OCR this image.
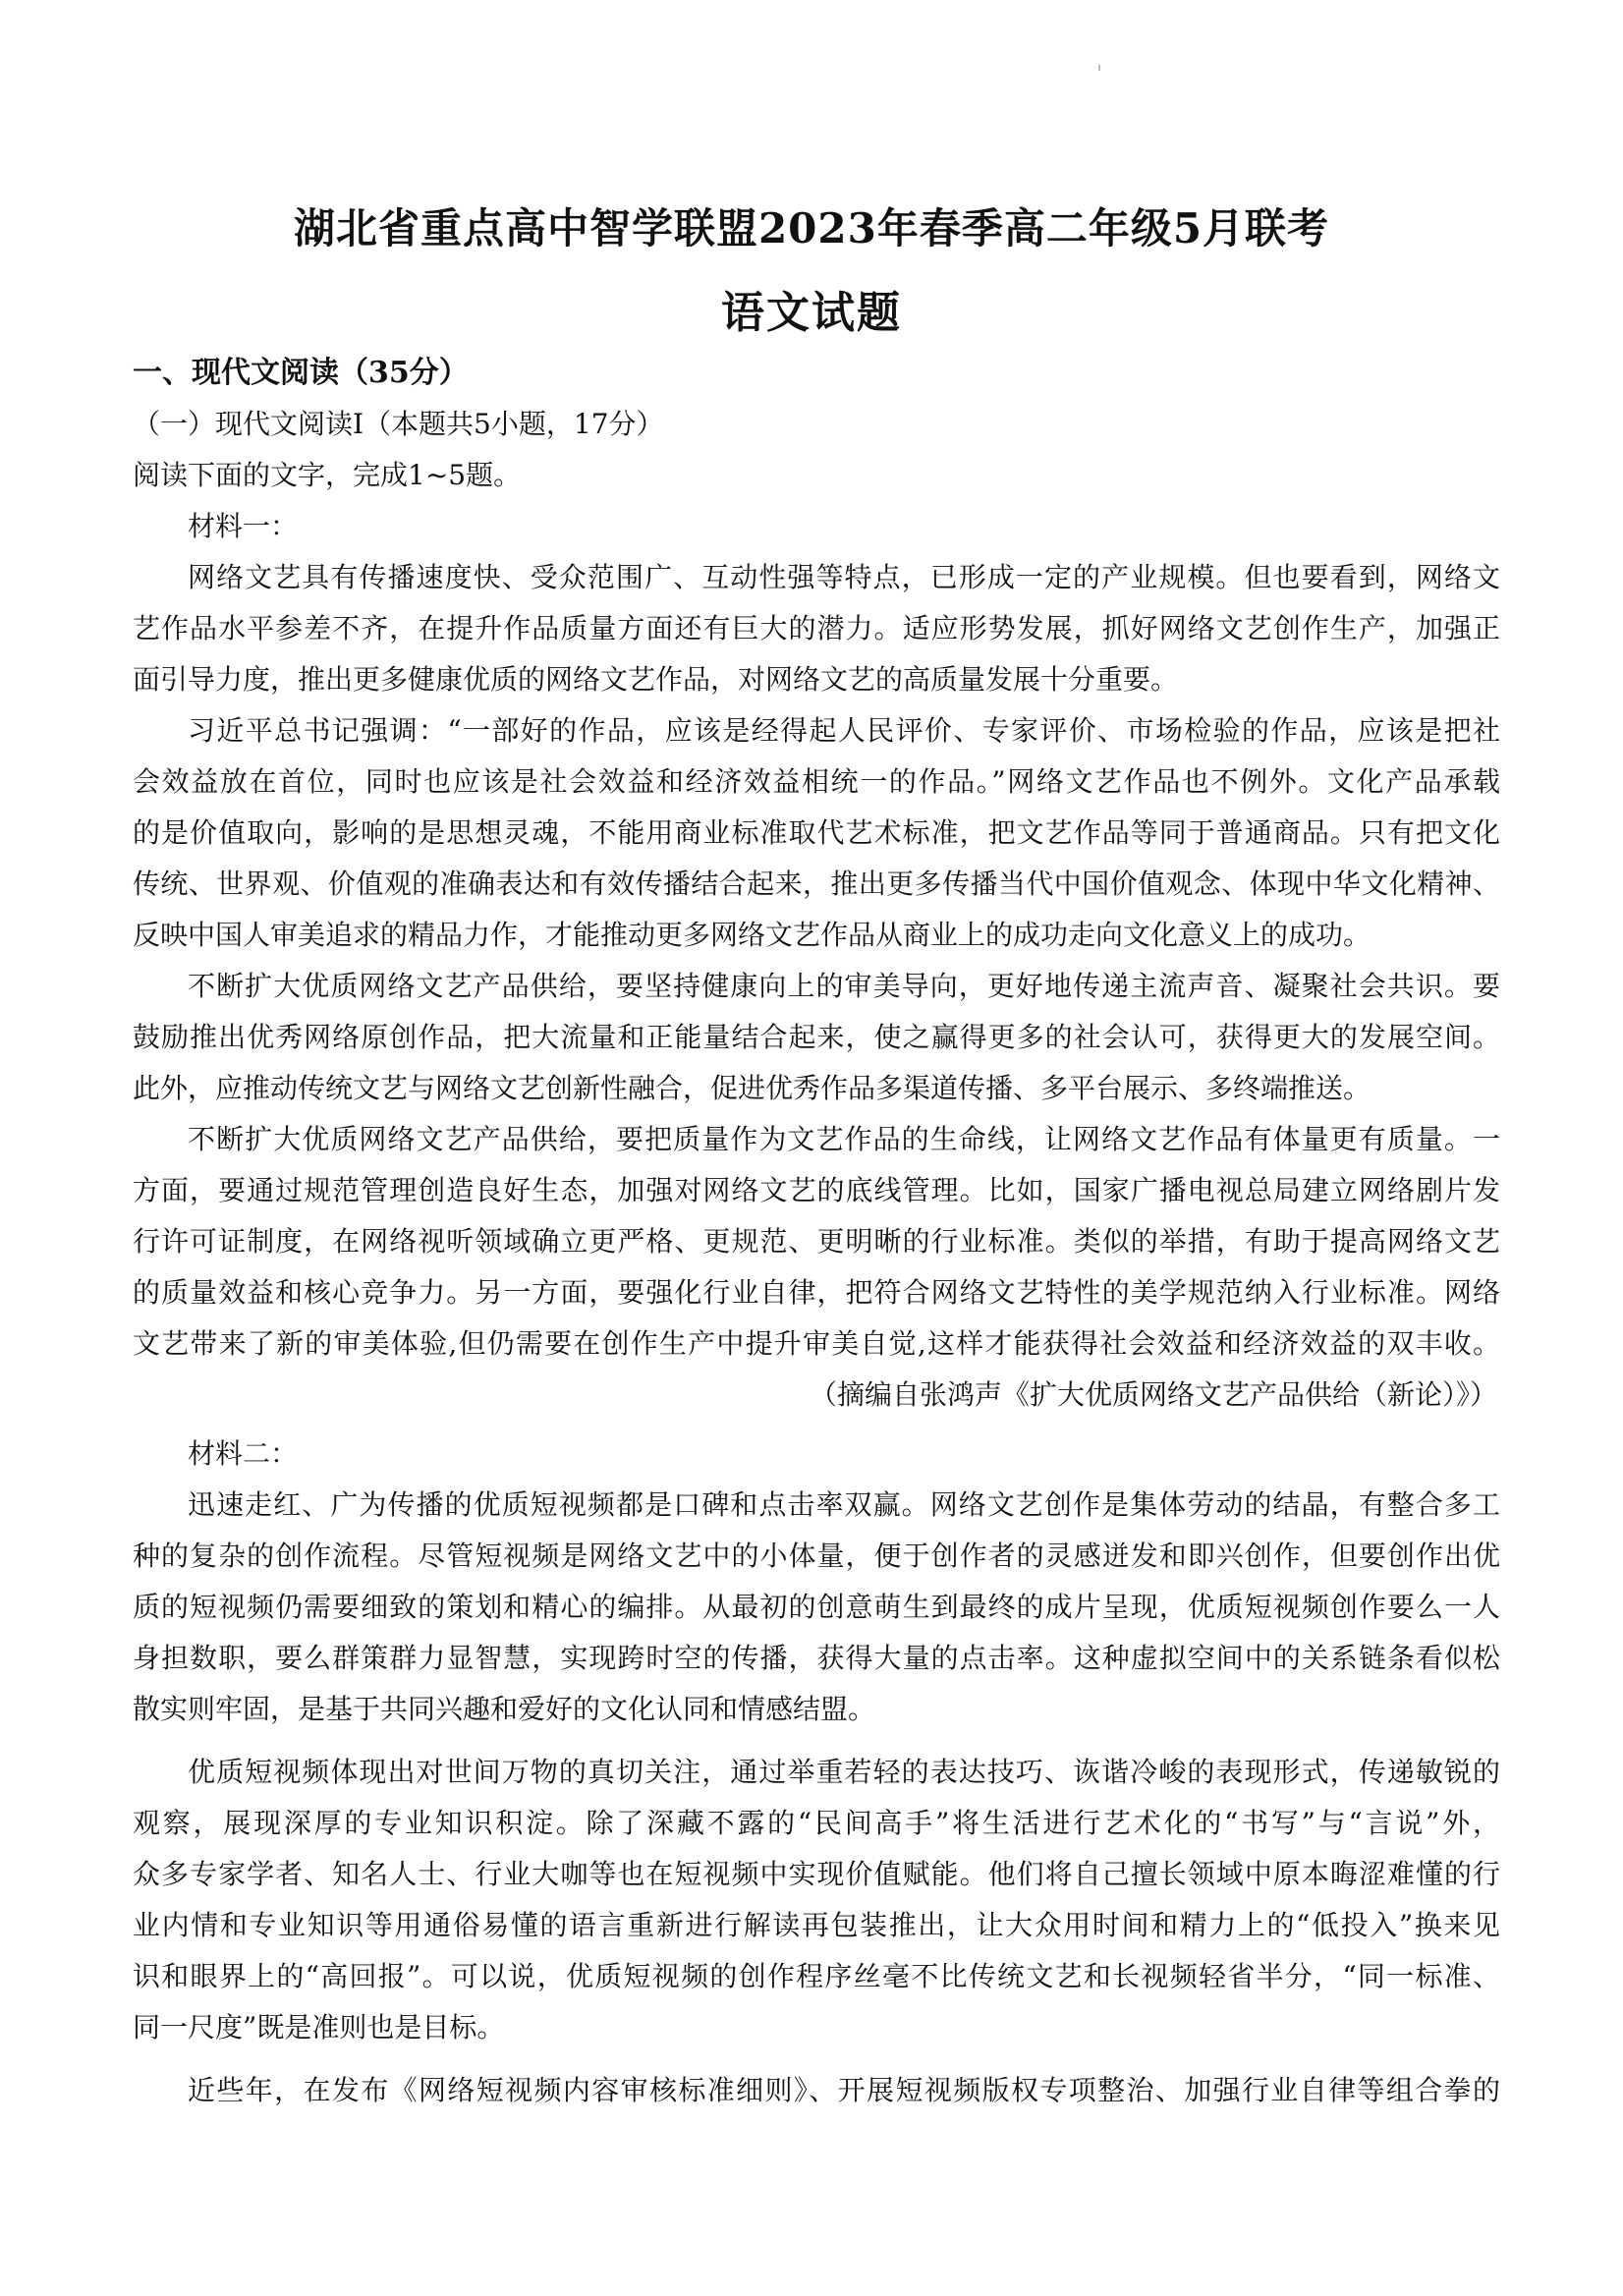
湖北省重点高中智学联盟2023年春季高二年级5月联考
语文试题
一、现代文阅读（35分）
（一）现代文阅读Ⅰ（本题共5小题，17分）
阅读下面的文字，完成1~5题。
材料一：
网络文艺具有传播速度快、受众范围广、互动性强等特点，已形成一定的产业规模。但也要看到，网络文
艺作品水平参差不齐，在提升作品质量方面还有巨大的潜力。适应形势发展，抓好网络文艺创作生产，加强正
面引导力度，推出更多健康优质的网络文艺作品，对网络文艺的高质量发展十分重要。
习近平总书记强调：“一部好的作品，应该是经得起人民评价、专家评价、市场检验的作品，应该是把社
会效益放在首位，同时也应该是社会效益和经济效益相统一的作品。”网络文艺作品也不例外。文化产品承载
的是价值取向，影响的是思想灵魂，不能用商业标准取代艺术标准，把文艺作品等同于普通商品。只有把文化
传统、世界观、价值观的准确表达和有效传播结合起来，推出更多传播当代中国价值观念、体现中华文化精神、
反映中国人审美追求的精品力作，才能推动更多网络文艺作品从商业上的成功走向文化意义上的成功。
不断扩大优质网络文艺产品供给，要坚持健康向上的审美导向，更好地传递主流声音、凝聚社会共识。要
鼓励推出优秀网络原创作品，把大流量和正能量结合起来，使之赢得更多的社会认可，获得更大的发展空间。
此外，应推动传统文艺与网络文艺创新性融合，促进优秀作品多渠道传播、多平台展示、多终端推送。
不断扩大优质网络文艺产品供给，要把质量作为文艺作品的生命线，让网络文艺作品有体量更有质量。一
方面，要通过规范管理创造良好生态，加强对网络文艺的底线管理。比如，国家广播电视总局建立网络剧片发
行许可证制度，在网络视听领域确立更严格、更规范、更明晰的行业标准。类似的举措，有助于提高网络文艺
的质量效益和核心竞争力。另一方面，要强化行业自律，把符合网络文艺特性的美学规范纳入行业标准。网络
文艺带来了新的审美体验,但仍需要在创作生产中提升审美自觉,这样才能获得社会效益和经济效益的双丰收。
（摘编自张鸿声《扩大优质网络文艺产品供给（新论）》）
材料二：
迅速走红、广为传播的优质短视频都是口碑和点击率双赢。网络文艺创作是集体劳动的结晶，有整合多工
种的复杂的创作流程。尽管短视频是网络文艺中的小体量，便于创作者的灵感迸发和即兴创作，但要创作出优
质的短视频仍需要细致的策划和精心的编排。从最初的创意萌生到最终的成片呈现，优质短视频创作要么一人
身担数职，要么群策群力显智慧，实现跨时空的传播，获得大量的点击率。这种虚拟空间中的关系链条看似松
散实则牢固，是基于共同兴趣和爱好的文化认同和情感结盟。
优质短视频体现出对世间万物的真切关注，通过举重若轻的表达技巧、诙谐冷峻的表现形式，传递敏锐的
观察，展现深厚的专业知识积淀。除了深藏不露的“民间高手”将生活进行艺术化的“书写”与“言说”外，
众多专家学者、知名人士、行业大咖等也在短视频中实现价值赋能。他们将自己擅长领域中原本晦涩难懂的行
业内情和专业知识等用通俗易懂的语言重新进行解读再包装推出，让大众用时间和精力上的“低投入”换来见
识和眼界上的“高回报”。可以说，优质短视频的创作程序丝毫不比传统文艺和长视频轻省半分，“同一标准、
同一尺度”既是准则也是目标。
近些年，在发布《网络短视频内容审核标准细则》、开展短视频版权专项整治、加强行业自律等组合拳的
